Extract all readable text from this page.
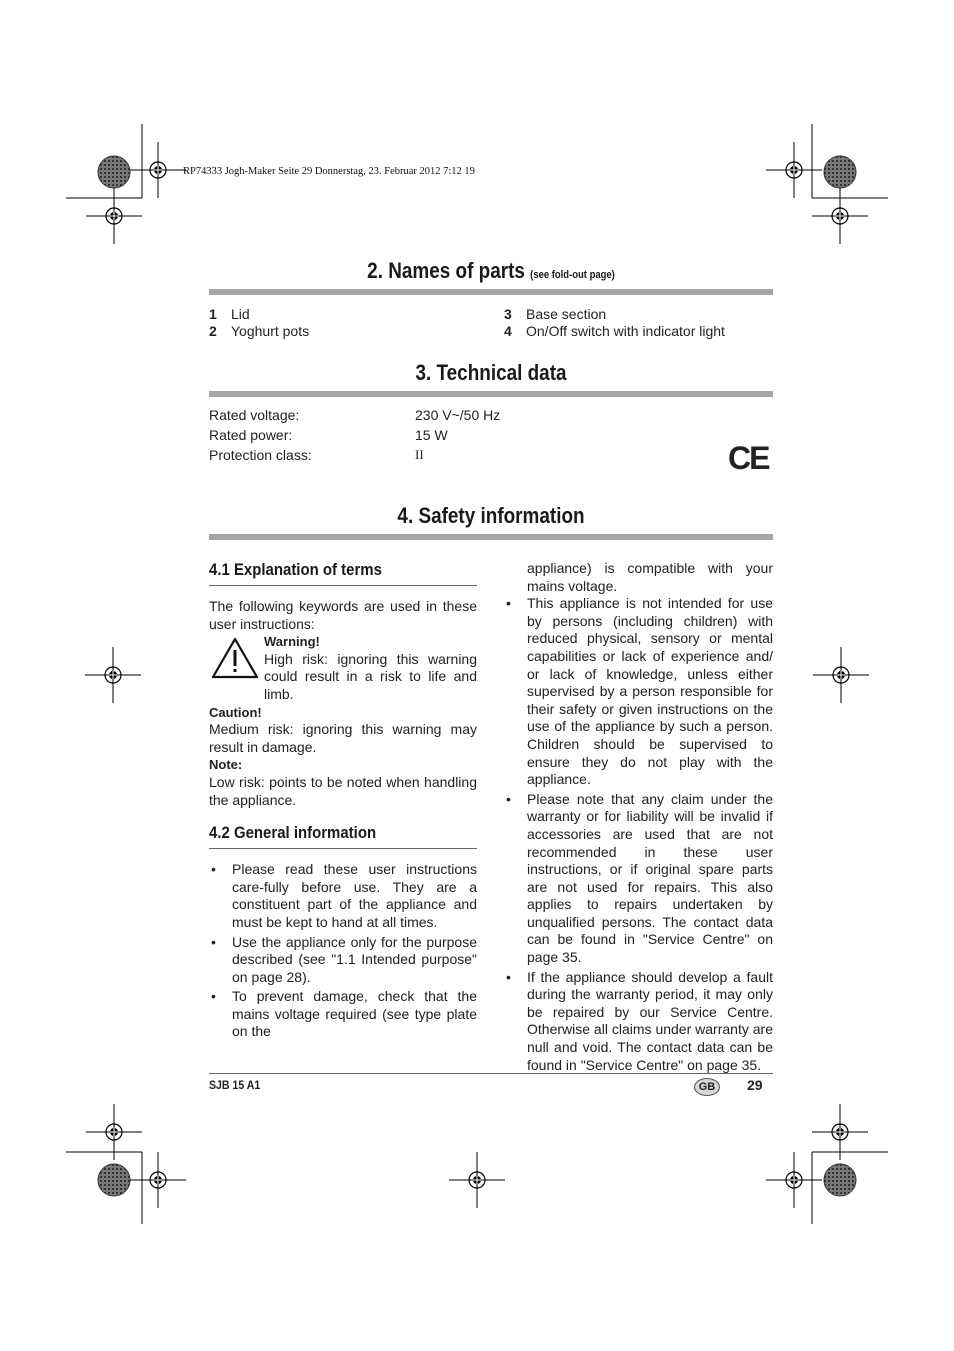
RP74333 Jogh-Maker Seite 29 Donnerstag, 23. Februar 2012 7:12 19
2. Names of parts (see fold-out page)
1 Lid
2 Yoghurt pots
3 Base section
4 On/Off switch with indicator light
3. Technical data
Rated voltage:	230 V~/50 Hz
Rated power:	15 W
Protection class:	II	CE
4. Safety information
4.1 Explanation of terms

The following keywords are used in these user instructions:

Warning!

High risk: ignoring this warning could result in a risk to life and limb.

Caution!

Medium risk: ignoring this warning may result in damage.

Note:

Low risk: points to be noted when handling the appliance.

4.2 General information
• Please read these user instructions care-fully before use. They are a constituent part of the appliance and must be kept to hand at all times.
• Use the appliance only for the purpose described (see "1.1 Intended purpose" on page 28).
• To prevent damage, check that the mains voltage required (see type plate on the

appliance) is compatible with your mains voltage.

• This appliance is not intended for use by persons (including children) with reduced physical, sensory or mental capabilities or lack of experience and/ or lack of knowledge, unless either supervised by a person responsible for their safety or given instructions on the use of the appliance by such a person. Children should be supervised to ensure they do not play with the appliance.
• Please note that any claim under the warranty or for liability will be invalid if accessories are used that are not recommended in these user instructions, or if original spare parts are not used for repairs. This also applies to repairs undertaken by unqualified persons. The contact data can be found in "Service Centre" on page 35.
• If the appliance should develop a fault during the warranty period, it may only be repaired by our Service Centre. Otherwise all claims under warranty are null and void. The contact data can be found in "Service Centre" on page 35.
SJB 15 A1	GB	29
